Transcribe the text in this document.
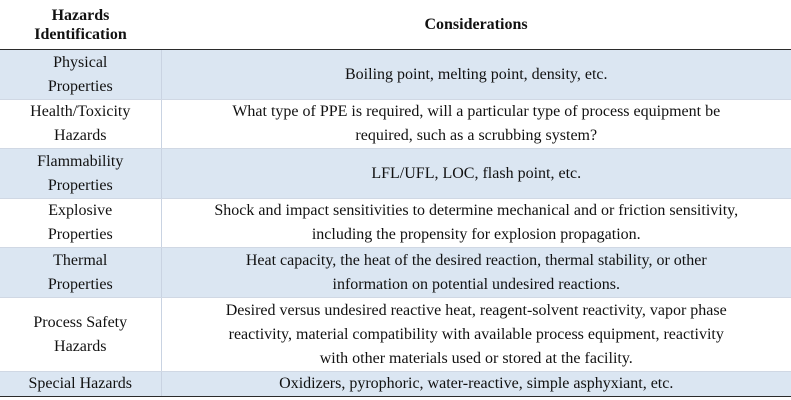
Hazards
Identification	Considerations
Physical
Properties	Boiling point, melting point, density, etc.
Health/Toxicity
Hazards	What type of PPE is required, will a particular type of process equipment be
required, such as a scrubbing system?
Flammability
Properties	LFL/UFL, LOC, flash point, etc.
Explosive
Properties	Shock and impact sensitivities to determine mechanical and or friction sensitivity,
including the propensity for explosion propagation.
Thermal
Properties	Heat capacity, the heat of the desired reaction, thermal stability, or other
information on potential undesired reactions.
Process Safety
Hazards	Desired versus undesired reactive heat, reagent-solvent reactivity, vapor phase
reactivity, material compatibility with available process equipment, reactivity
with other materials used or stored at the facility.
Special Hazards	Oxidizers, pyrophoric, water-reactive, simple asphyxiant, etc.
